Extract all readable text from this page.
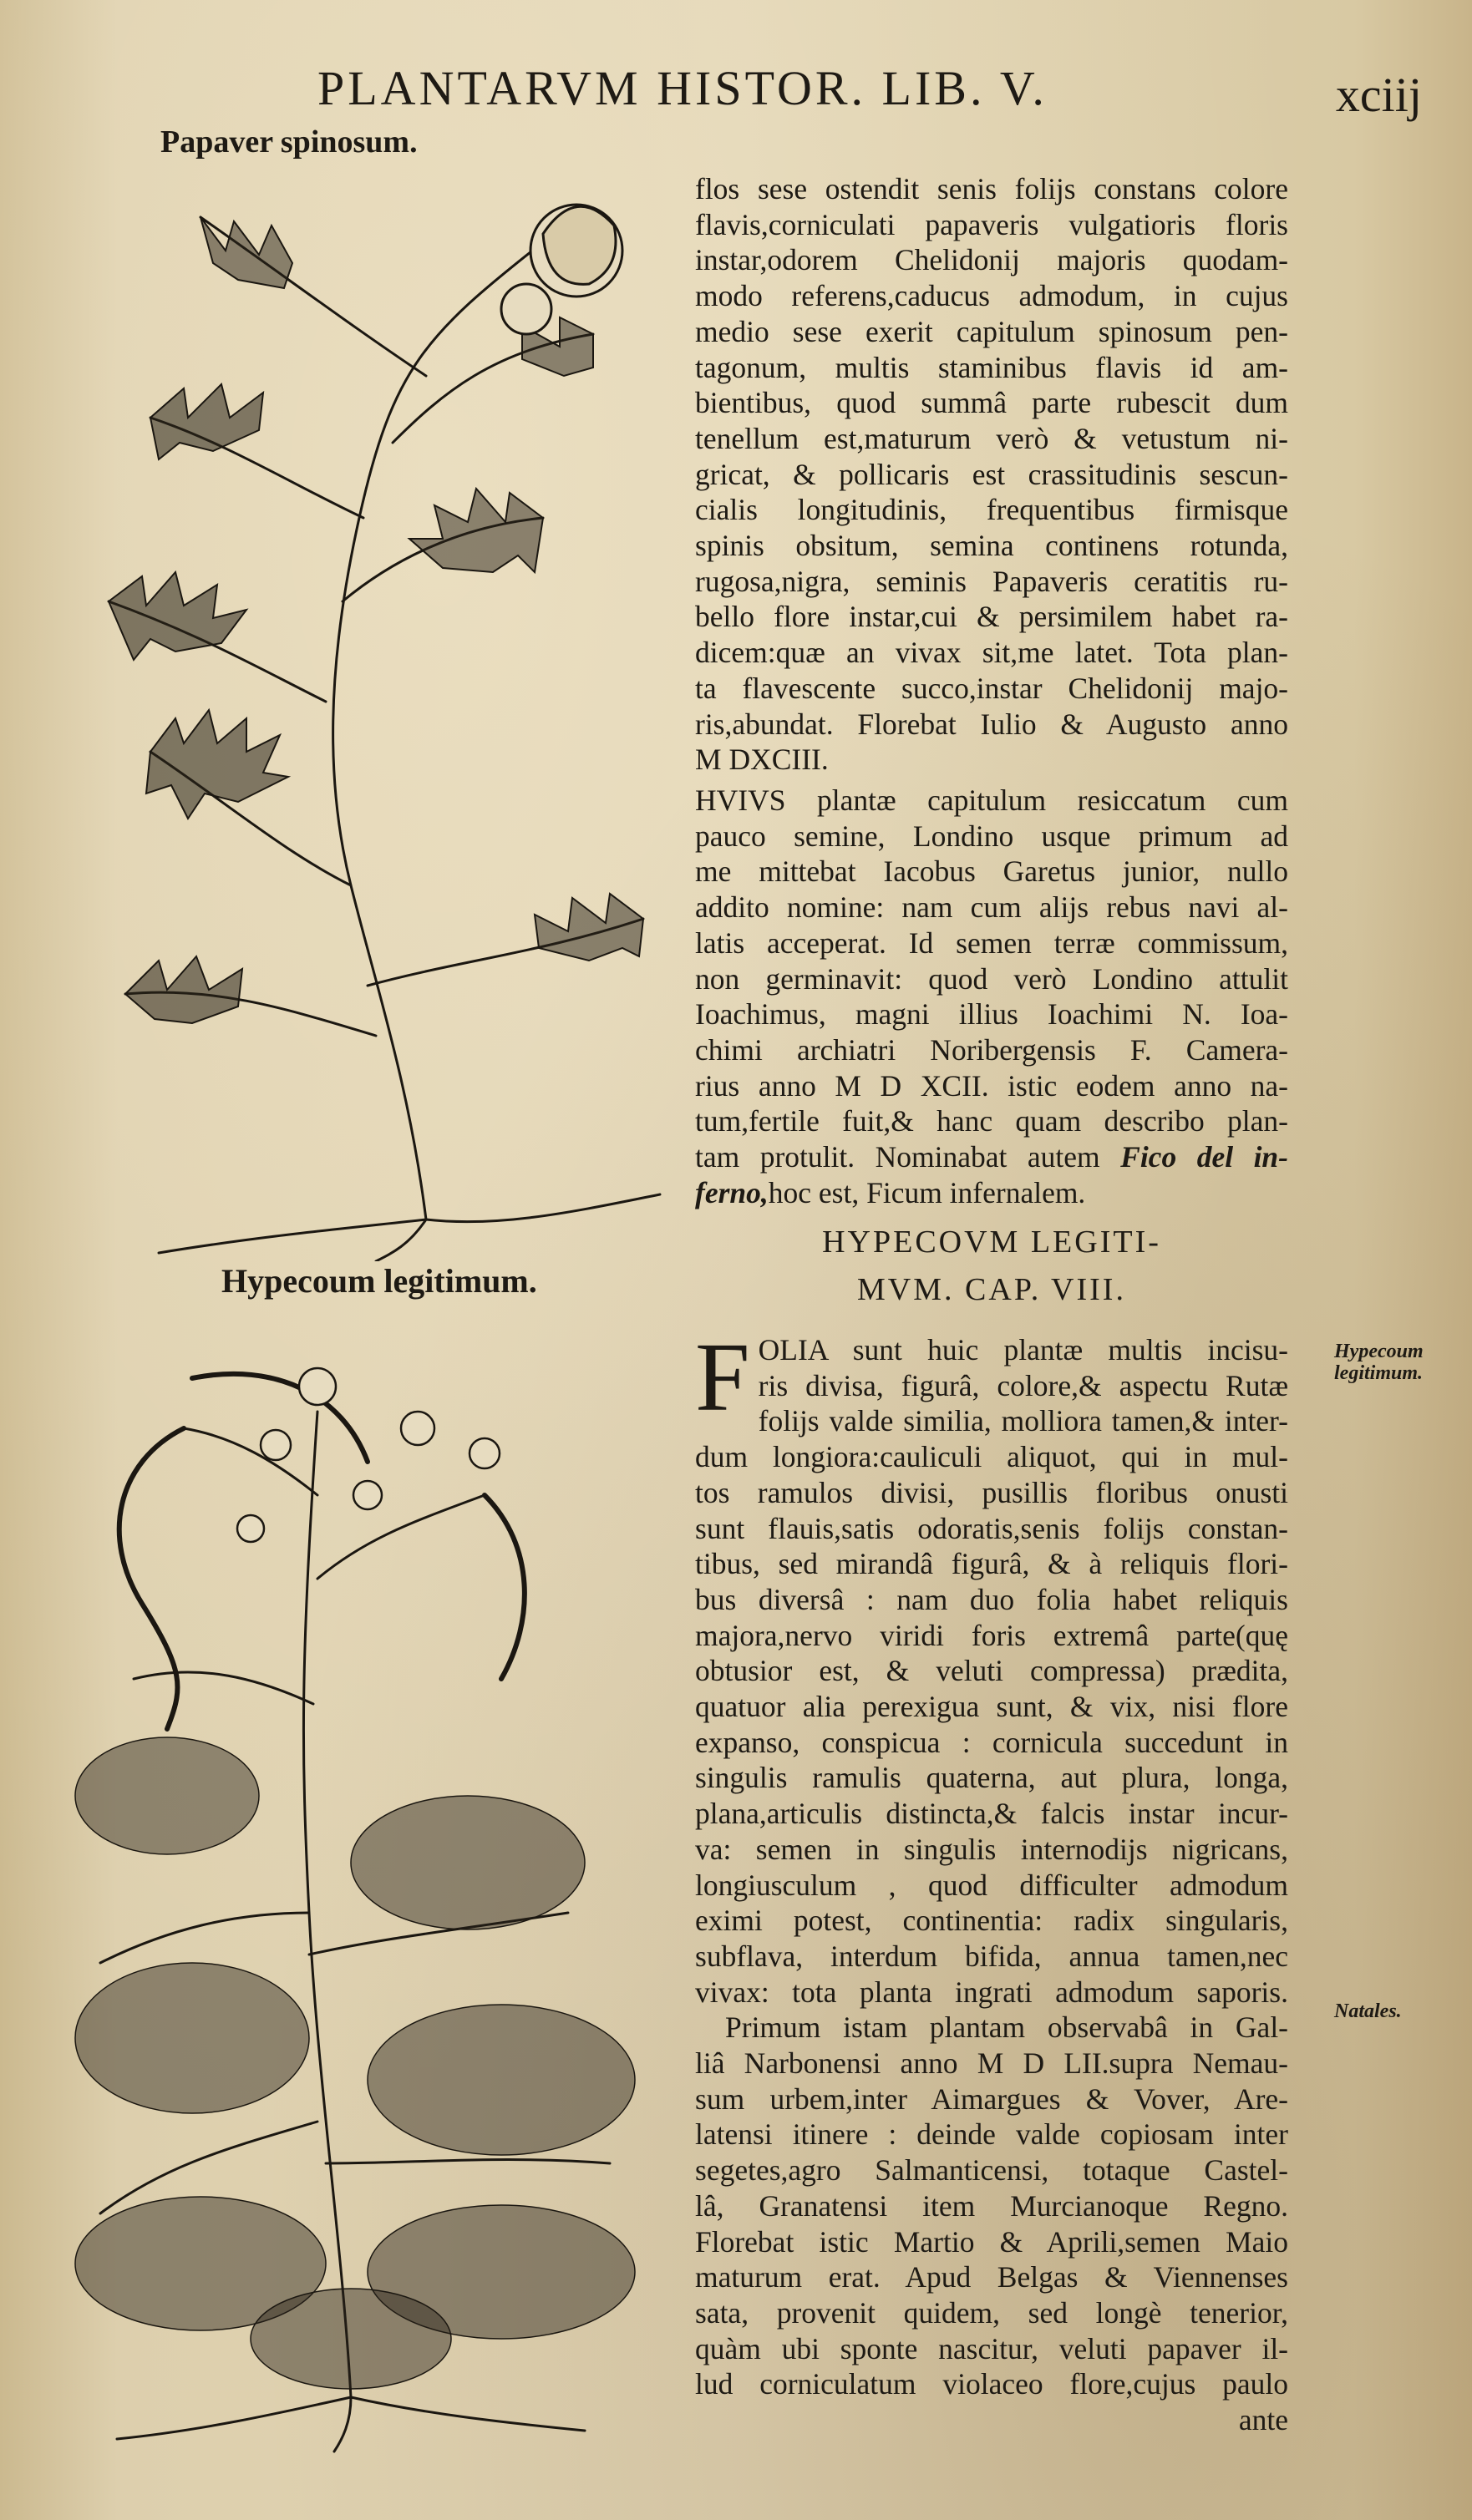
PLANTARVM HISTOR. LIB. V.	xciij
Papaver spinosum.
flos sese ostendit senis folijs constans colore
flavis,corniculati papaveris vulgatioris floris
instar,odorem Chelidonij majoris quodam-
modo referens,caducus admodum, in cujus
medio sese exerit capitulum spinosum pen-
tagonum, multis staminibus flavis id am-
bientibus, quod summâ parte rubescit dum
tenellum est,maturum verò & vetustum ni-
gricat, & pollicaris est crassitudinis sescun-
cialis longitudinis, frequentibus firmisque
spinis obsitum, semina continens rotunda,
rugosa,nigra, seminis Papaveris ceratitis ru-
bello flore instar,cui & persimilem habet ra-
dicem:quæ an vivax sit,me latet. Tota plan-
ta flavescente succo,instar Chelidonij majo-
ris,abundat. Florebat Iulio & Augusto anno
M DXCIII.
HVIVS plantæ capitulum resiccatum cum
pauco semine, Londino usque primum ad
me mittebat Iacobus Garetus junior, nullo
addito nomine: nam cum alijs rebus navi al-
latis acceperat. Id semen terræ commissum,
non germinavit: quod verò Londino attulit
Ioachimus, magni illius Ioachimi N. Ioa-
chimi archiatri Noribergensis F. Camera-
rius anno M D XCII. istic eodem anno na-
tum,fertile fuit,& hanc quam describo plan-
tam protulit. Nominabat autem Fico del in-
ferno,hoc est, Ficum infernalem.
Hypecoum legitimum.
HYPECOVM LEGITI-
MVM. CAP. VIII.
F OLIA sunt huic plantæ multis incisu-
ris divisa, figurâ, colore,& aspectu Rutæ
folijs valde similia, molliora tamen,& inter-
dum longiora:cauliculi aliquot, qui in mul-
tos ramulos divisi, pusillis floribus onusti
sunt flauis,satis odoratis,senis folijs constan-
tibus, sed mirandâ figurâ, & à reliquis flori-
bus diversâ : nam duo folia habet reliquis
majora,nervo viridi foris extremâ parte(quę
obtusior est, & veluti compressa) prædita,
quatuor alia perexigua sunt, & vix, nisi flore
expanso, conspicua : cornicula succedunt in
singulis ramulis quaterna, aut plura, longa,
plana,articulis distincta,& falcis instar incur-
va: semen in singulis internodijs nigricans,
longiusculum , quod difficulter admodum
eximi potest, continentia: radix singularis,
subflava, interdum bifida, annua tamen,nec
vivax: tota planta ingrati admodum saporis.
Primum istam plantam observabâ in Gal-
liâ Narbonensi anno M D LII.supra Nemau-
sum urbem,inter Aimargues & Vover, Are-
latensi itinere : deinde valde copiosam inter
segetes,agro Salmanticensi, totaque Castel-
lâ, Granatensi item Murcianoque Regno.
Florebat istic Martio & Aprili,semen Maio
maturum erat. Apud Belgas & Viennenses
sata, provenit quidem, sed longè tenerior,
quàm ubi sponte nascitur, veluti papaver il-
lud corniculatum violaceo flore,cujus paulo
ante
Hypecoum
legitimum.
Natales.
